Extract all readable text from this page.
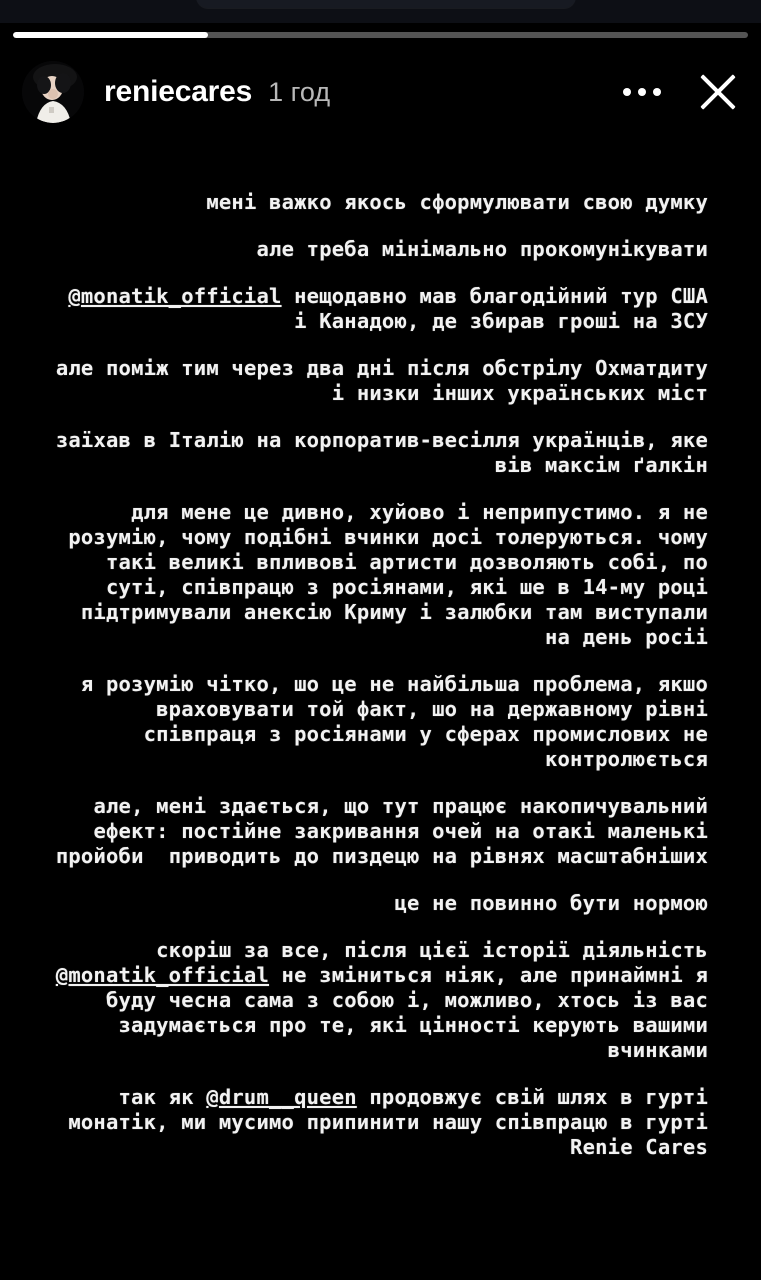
reniecares 1 год
мені важко якось сформулювати свою думку
але треба мінімально прокомунікувати
@monatik_official нещодавно мав благодійний тур США і Канадою, де збирав гроші на ЗСУ
але поміж тим через два дні після обстрілу Охматдиту і низки інших українських міст
заїхав в Італію на корпоратив-весілля українців, яке вів максім ґалкін
для мене це дивно, хуйово і неприпустимо. я не розумію, чому подібні вчинки досі толеруються. чому такі великі впливові артисти дозволяють собі, по суті, співпрацю з росіянами, які ше в 14-му році підтримували анексію Криму і залюбки там виступали на день росіі
я розумію чітко, шо це не найбільша проблема, якшо враховувати той факт, шо на державному рівні співпраця з росіянами у сферах промислових не контролюється
але, мені здається, що тут працює накопичувальний ефект: постійне закривання очей на отакі маленькі пройоби  приводить до пиздецю на рівнях масштабніших
це не повинно бути нормою
скоріш за все, після цієї історії діяльність @monatik_official не зміниться ніяк, але принаймні я буду чесна сама з собою і, можливо, хтось із вас задумається про те, які цінності керують вашими вчинками
так як @drum__queen продовжує свій шлях в гурті монатік, ми мусимо припинити нашу співпрацю в гурті Renie Cares
